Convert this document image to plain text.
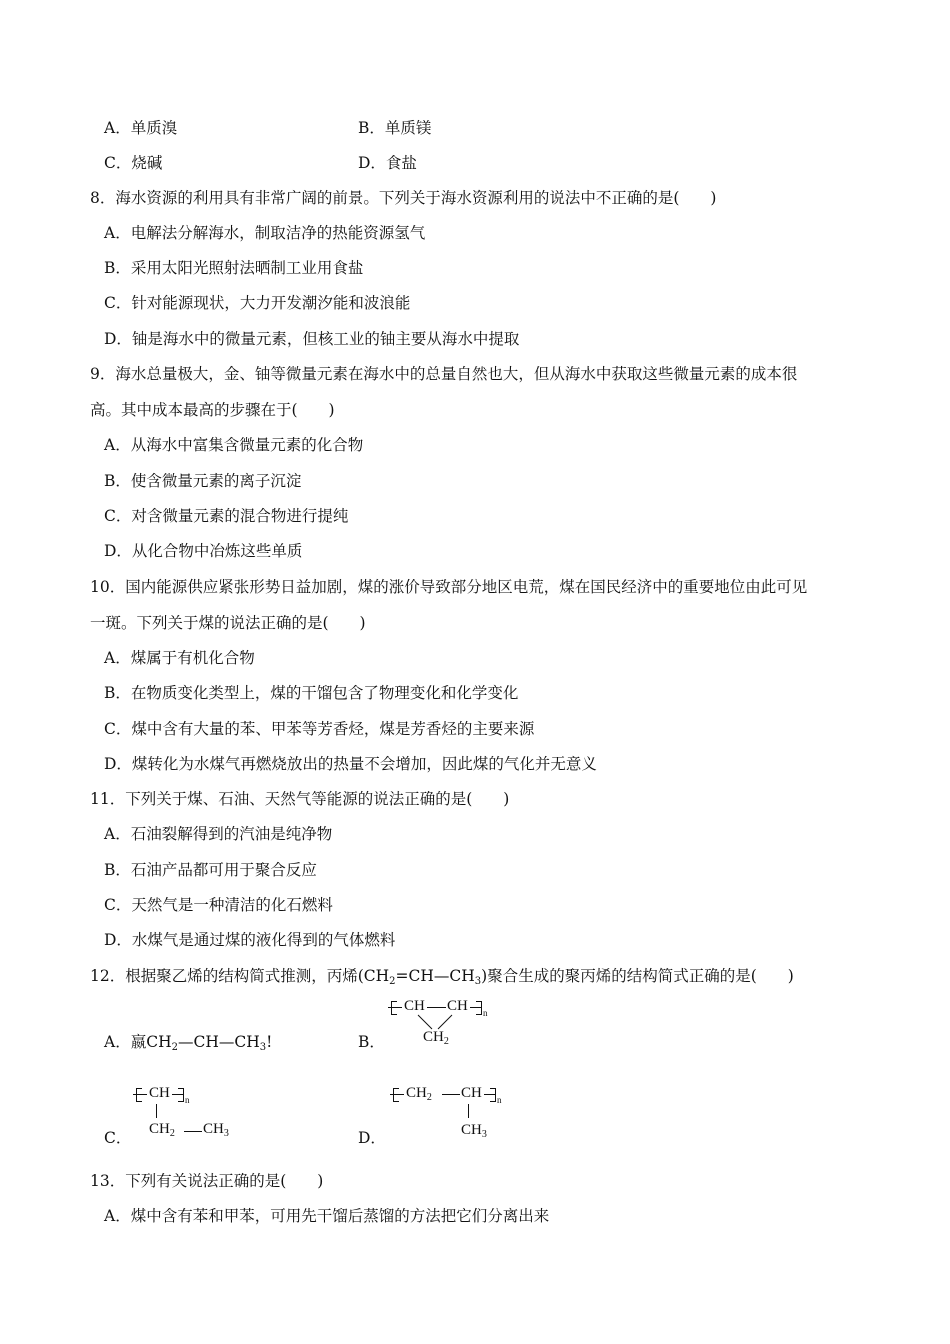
A．单质溴	B．单质镁
C．烧碱	D．食盐
8．海水资源的利用具有非常广阔的前景。下列关于海水资源利用的说法中不正确的是(　　)
A．电解法分解海水，制取洁净的热能资源氢气
B．采用太阳光照射法晒制工业用食盐
C．针对能源现状，大力开发潮汐能和波浪能
D．铀是海水中的微量元素，但核工业的铀主要从海水中提取
9．海水总量极大，金、铀等微量元素在海水中的总量自然也大，但从海水中获取这些微量元素的成本很
高。其中成本最高的步骤在于(　　)
A．从海水中富集含微量元素的化合物
B．使含微量元素的离子沉淀
C．对含微量元素的混合物进行提纯
D．从化合物中冶炼这些单质
10．国内能源供应紧张形势日益加剧，煤的涨价导致部分地区电荒，煤在国民经济中的重要地位由此可见
一斑。下列关于煤的说法正确的是(　　)
A．煤属于有机化合物
B．在物质变化类型上，煤的干馏包含了物理变化和化学变化
C．煤中含有大量的苯、甲苯等芳香烃，煤是芳香烃的主要来源
D．煤转化为水煤气再燃烧放出的热量不会增加，因此煤的气化并无意义
11．下列关于煤、石油、天然气等能源的说法正确的是(　　)
A．石油裂解得到的汽油是纯净物
B．石油产品都可用于聚合反应
C．天然气是一种清洁的化石燃料
D．水煤气是通过煤的液化得到的气体燃料
12．根据聚乙烯的结构简式推测，丙烯$(CH_2=CH—CH_3)$聚合生成的聚丙烯的结构简式正确的是(　　)
A．嬴$CH_2—CH—CH_3$!	B．
CH CH n
$CH_2$
C．
CH n
$CH_2$ $CH_3$	D．
$CH_2$ CH n
$CH_3$
13．下列有关说法正确的是(　　)
A．煤中含有苯和甲苯，可用先干馏后蒸馏的方法把它们分离出来
